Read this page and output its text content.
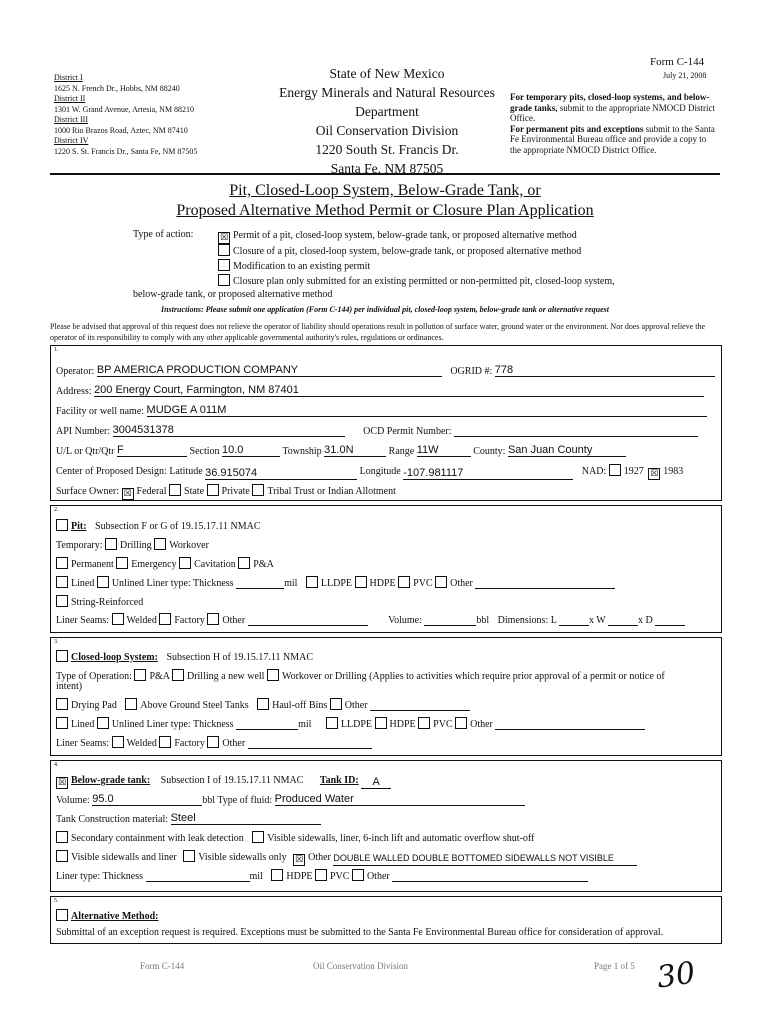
District I
1625 N. French Dr., Hobbs, NM 88240
District II
1301 W. Grand Avenue, Artesia, NM 88210
District III
1000 Rio Brazos Road, Aztec, NM 87410
District IV
1220 S. St. Francis Dr., Santa Fe, NM 87505
State of New Mexico
Energy Minerals and Natural Resources
Department
Oil Conservation Division
1220 South St. Francis Dr.
Santa Fe, NM 87505
Form C-144
July 21, 2008
For temporary pits, closed-loop systems, and below-grade tanks, submit to the appropriate NMOCD District Office.
For permanent pits and exceptions submit to the Santa Fe Environmental Bureau office and provide a copy to the appropriate NMOCD District Office.
Pit, Closed-Loop System, Below-Grade Tank, or
Proposed Alternative Method Permit or Closure Plan Application
Type of action:	☒ Permit of a pit, closed-loop system, below-grade tank, or proposed alternative method
Closure of a pit, closed-loop system, below-grade tank, or proposed alternative method
Modification to an existing permit
Closure plan only submitted for an existing permitted or non-permitted pit, closed-loop system,
below-grade tank, or proposed alternative method
Instructions: Please submit one application (Form C-144) per individual pit, closed-loop system, below-grade tank or alternative request
Please be advised that approval of this request does not relieve the operator of liability should operations result in pollution of surface water, ground water or the environment. Nor does approval relieve the operator of its responsibility to comply with any other applicable governmental authority's rules, regulations or ordinances.
1.
Operator: BP AMERICA PRODUCTION COMPANY	OGRID #: 778
Address: 200 Energy Court, Farmington, NM 87401
Facility or well name: MUDGE A 011M
API Number: 3004531378	OCD Permit Number:
U/L or Qtr/Qtr F	Section 10.0	Township 31.0N	Range 11W	County: San Juan County
Center of Proposed Design: Latitude 36.915074	Longitude -107.981117	NAD: 1927 ☒ 1983
Surface Owner: ☒ Federal State Private Tribal Trust or Indian Allotment
2.
Pit: Subsection F or G of 19.15.17.11 NMAC
Temporary: Drilling Workover
Permanent Emergency Cavitation P&A
Lined Unlined Liner type: Thickness	mil LLDPE HDPE PVC Other
String-Reinforced
Liner Seams: Welded Factory Other	Volume:	bbl Dimensions: L	x W	x D
3.
Closed-loop System: Subsection H of 19.15.17.11 NMAC
Type of Operation: P&A Drilling a new well Workover or Drilling (Applies to activities which require prior approval of a permit or notice of
intent)
Drying Pad Above Ground Steel Tanks Haul-off Bins Other
Lined Unlined Liner type: Thickness	mil	LLDPE HDPE PVC Other
Liner Seams: Welded Factory Other
4.
☒ Below-grade tank: Subsection I of 19.15.17.11 NMAC Tank ID: A
Volume: 95.0	bbl Type of fluid: Produced Water
Tank Construction material: Steel
Secondary containment with leak detection Visible sidewalls, liner, 6-inch lift and automatic overflow shut-off
Visible sidewalls and liner Visible sidewalls only ☒ Other DOUBLE WALLED DOUBLE BOTTOMED SIDEWALLS NOT VISIBLE
Liner type: Thickness	mil HDPE PVC Other
5.
Alternative Method:
Submittal of an exception request is required. Exceptions must be submitted to the Santa Fe Environmental Bureau office for consideration of approval.
Form C-144	Oil Conservation Division	Page 1 of 5 30
